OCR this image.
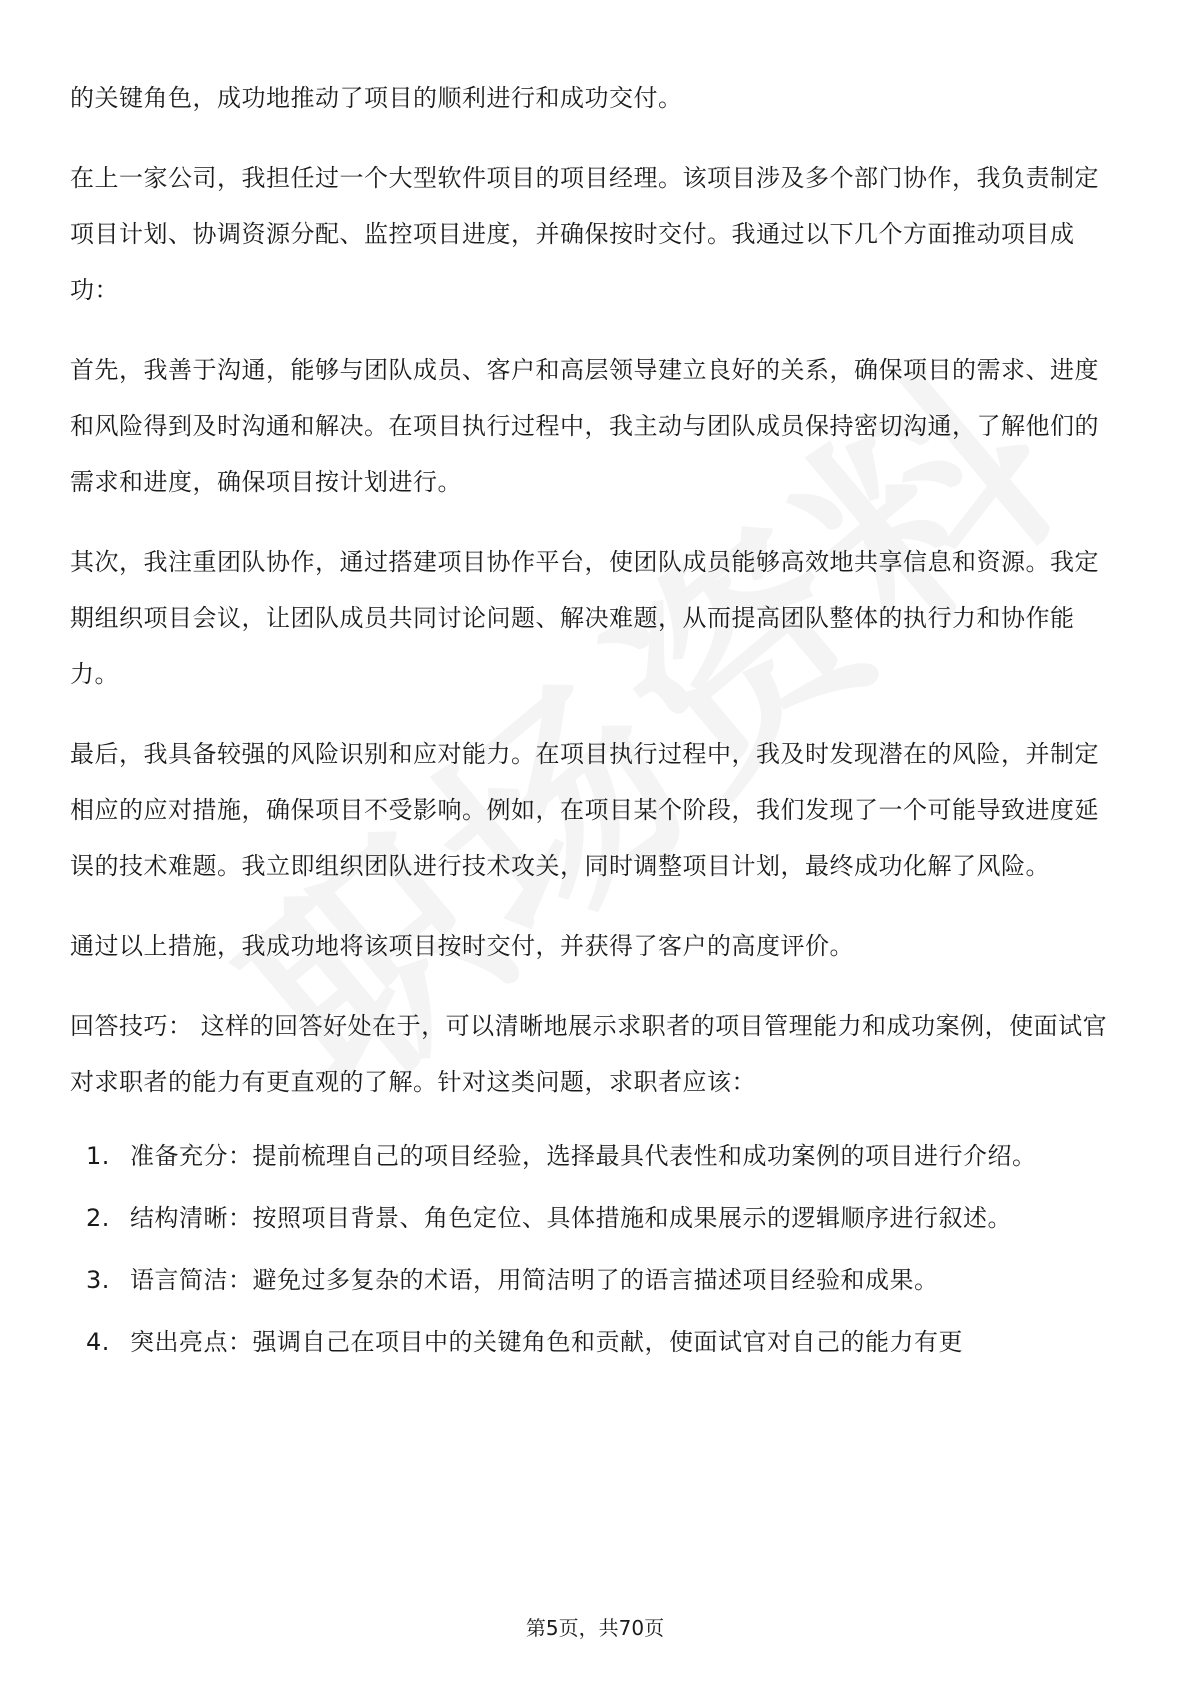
的关键角色，成功地推动了项目的顺利进行和成功交付。

在上一家公司，我担任过一个大型软件项目的项目经理。该项目涉及多个部门协作，我负责制定项目计划、协调资源分配、监控项目进度，并确保按时交付。我通过以下几个方面推动项目成功：

首先，我善于沟通，能够与团队成员、客户和高层领导建立良好的关系，确保项目的需求、进度和风险得到及时沟通和解决。在项目执行过程中，我主动与团队成员保持密切沟通，了解他们的需求和进度，确保项目按计划进行。

其次，我注重团队协作，通过搭建项目协作平台，使团队成员能够高效地共享信息和资源。我定期组织项目会议，让团队成员共同讨论问题、解决难题，从而提高团队整体的执行力和协作能力。

最后，我具备较强的风险识别和应对能力。在项目执行过程中，我及时发现潜在的风险，并制定相应的应对措施，确保项目不受影响。例如，在项目某个阶段，我们发现了一个可能导致进度延误的技术难题。我立即组织团队进行技术攻关，同时调整项目计划，最终成功化解了风险。

通过以上措施，我成功地将该项目按时交付，并获得了客户的高度评价。

回答技巧： 这样的回答好处在于，可以清晰地展示求职者的项目管理能力和成功案例，使面试官对求职者的能力有更直观的了解。针对这类问题，求职者应该：

1. 准备充分：提前梳理自己的项目经验，选择最具代表性和成功案例的项目进行介绍。
2. 结构清晰：按照项目背景、角色定位、具体措施和成果展示的逻辑顺序进行叙述。
3. 语言简洁：避免过多复杂的术语，用简洁明了的语言描述项目经验和成果。
4. 突出亮点：强调自己在项目中的关键角色和贡献，使面试官对自己的能力有更
第5页，共70页
